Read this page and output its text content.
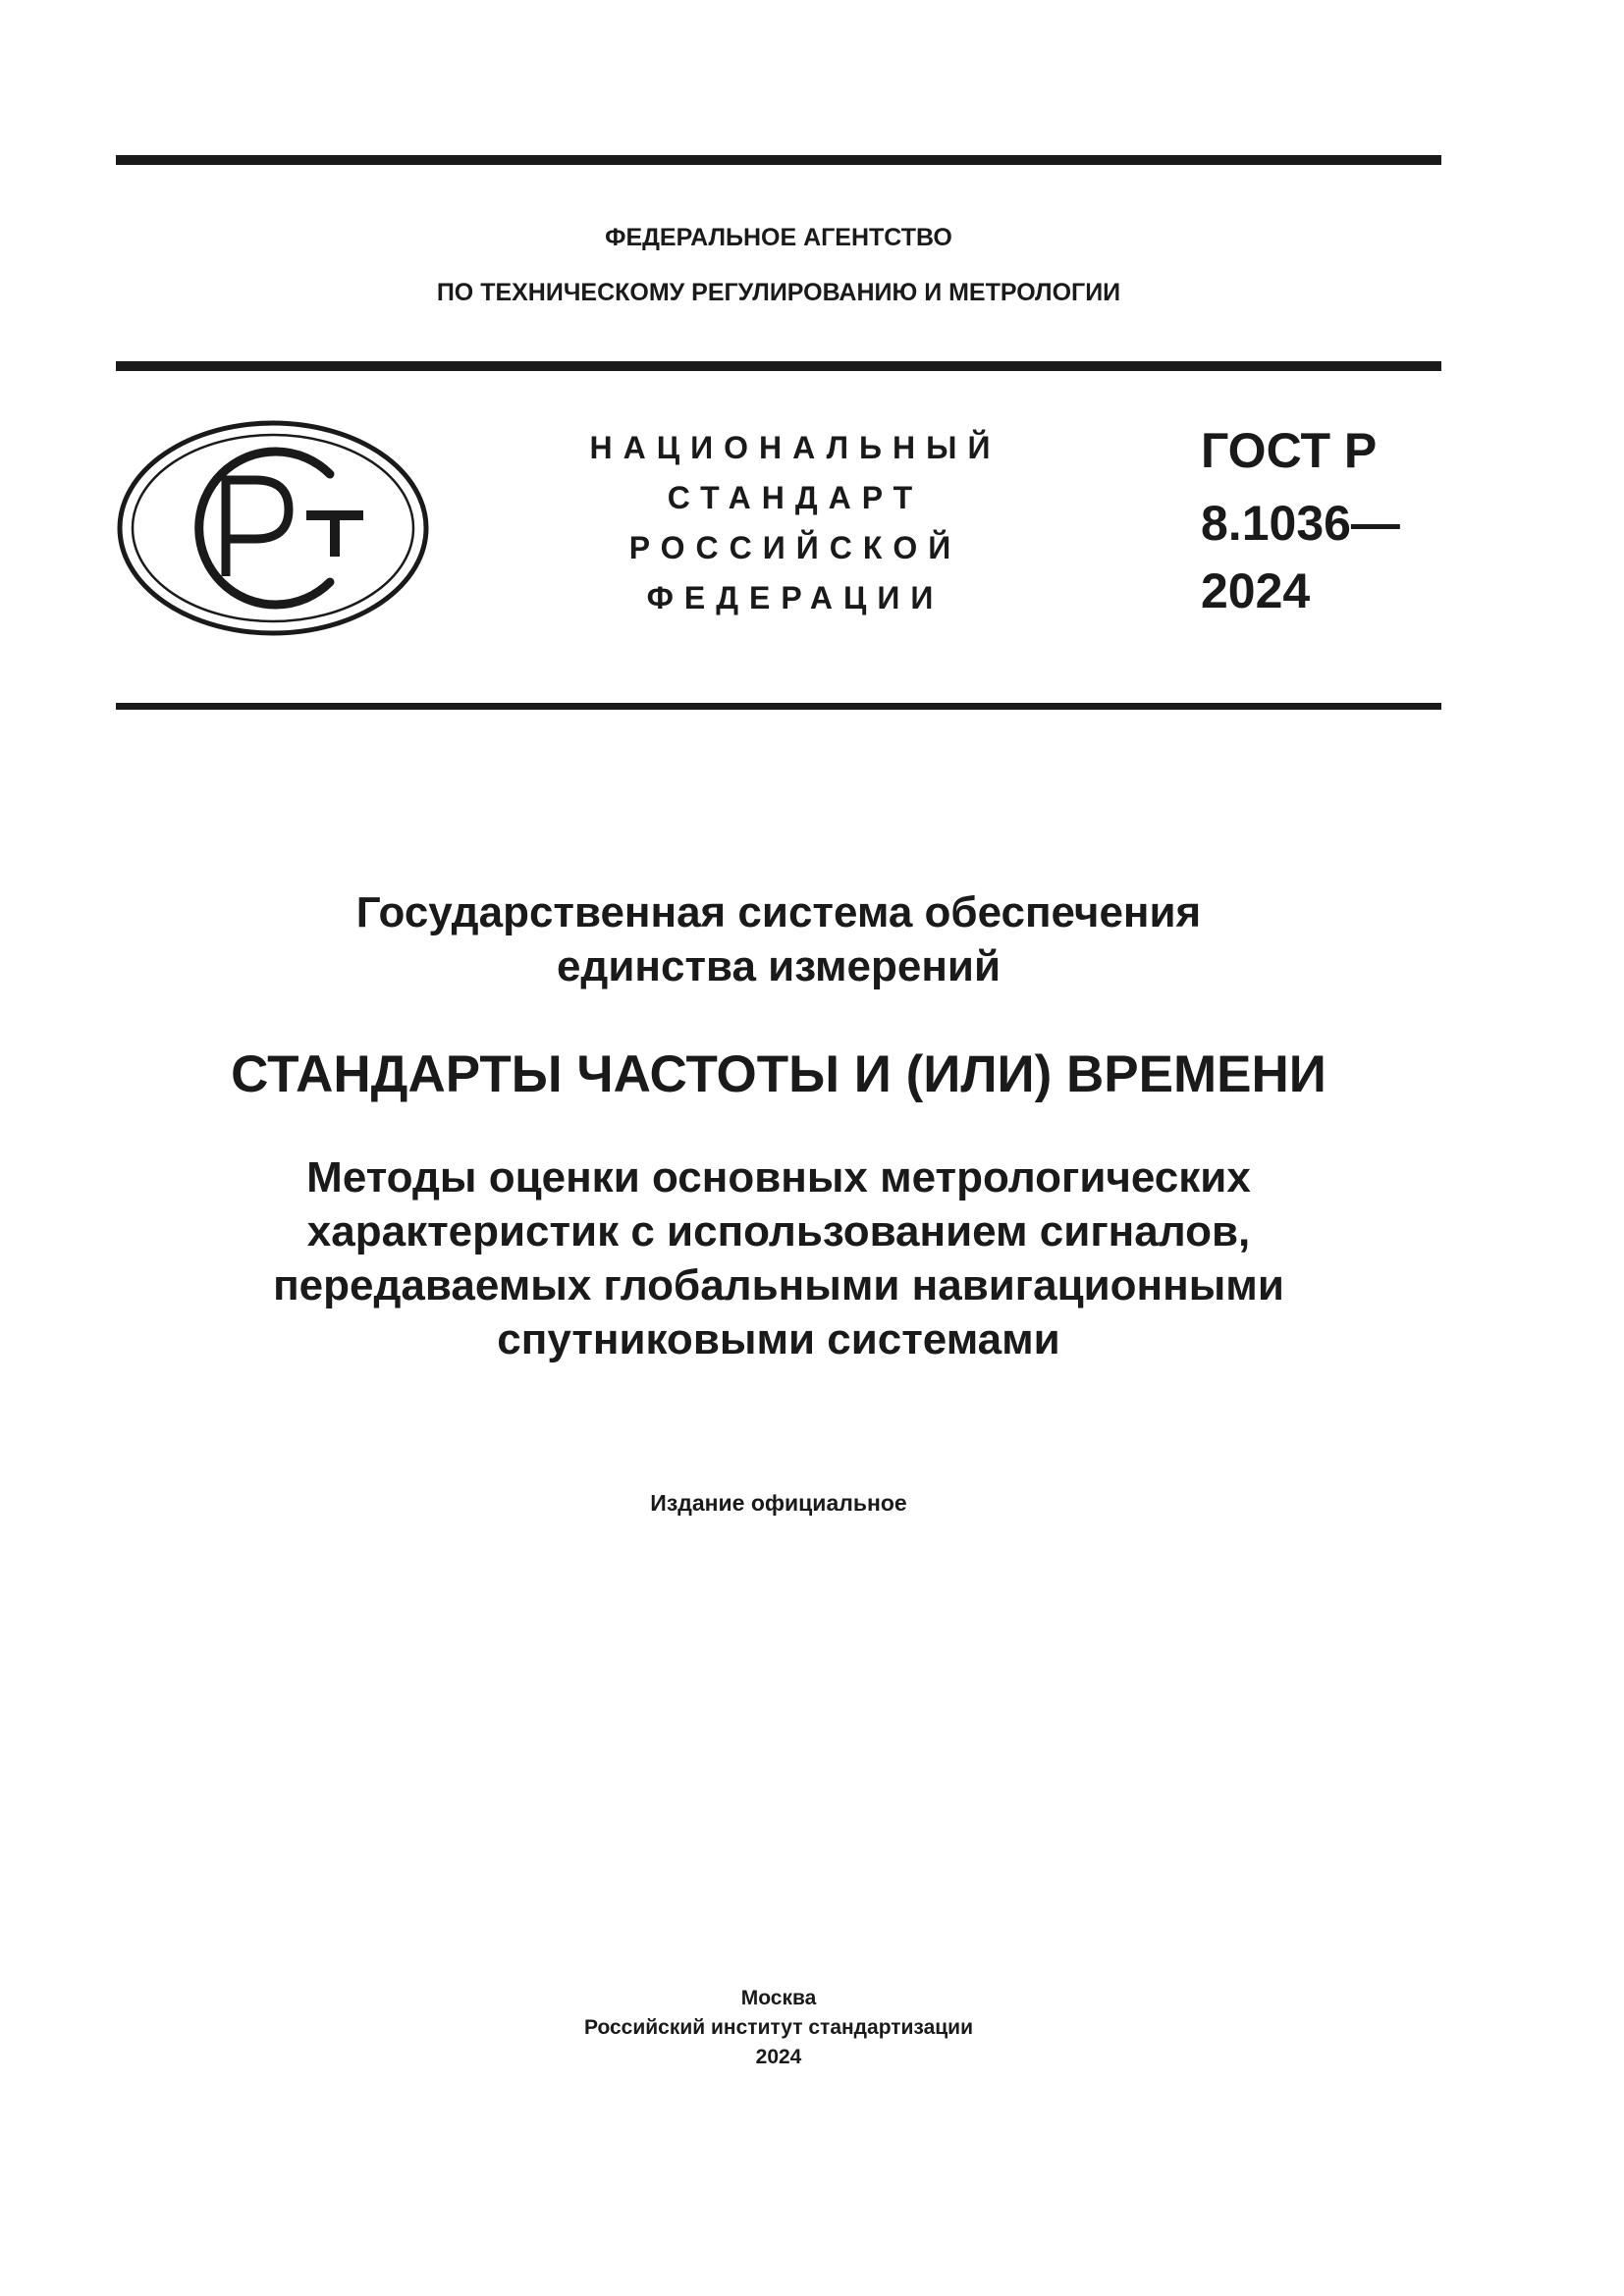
ФЕДЕРАЛЬНОЕ АГЕНТСТВО
ПО ТЕХНИЧЕСКОМУ РЕГУЛИРОВАНИЮ И МЕТРОЛОГИИ
НАЦИОНАЛЬНЫЙ
СТАНДАРТ
РОССИЙСКОЙ
ФЕДЕРАЦИИ
ГОСТ Р
8.1036—
2024
Государственная система обеспечения
единства измерений
СТАНДАРТЫ ЧАСТОТЫ И (ИЛИ) ВРЕМЕНИ
Методы оценки основных метрологических
характеристик с использованием сигналов,
передаваемых глобальными навигационными
спутниковыми системами
Издание официальное
Москва
Российский институт стандартизации
2024
